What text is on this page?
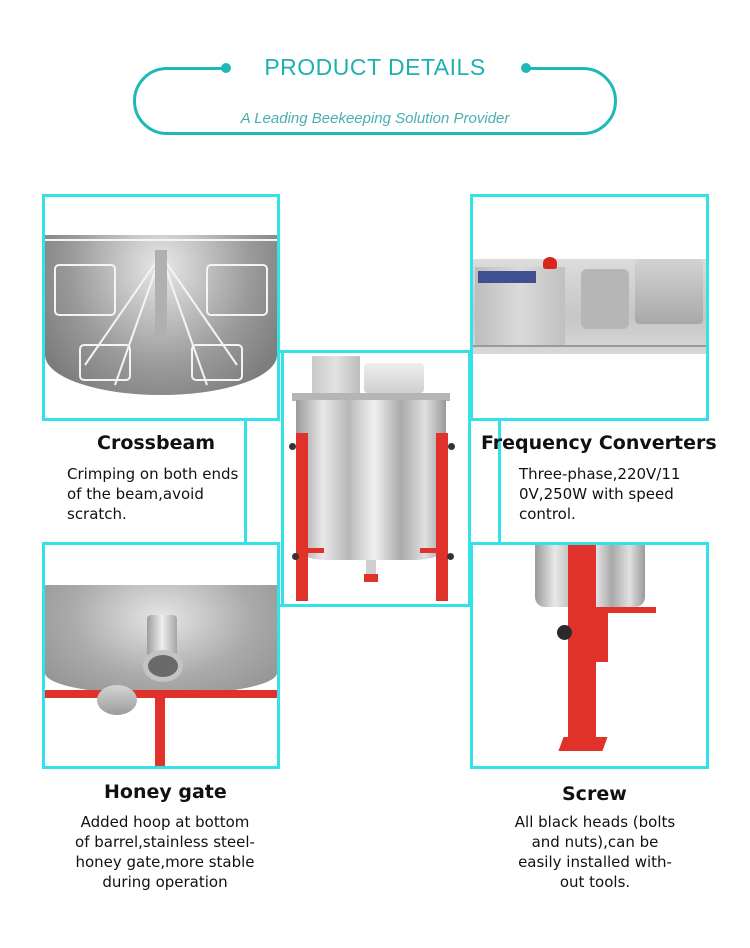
PRODUCT DETAILS
A Leading Beekeeping Solution Provider
Crossbeam
Crimping on both ends
of the beam,avoid
scratch.
Frequency Converters
Three-phase,220V/11
0V,250W with speed
control.
Honey gate
Added hoop at bottom
of barrel,stainless steel-
honey gate,more stable
during operation
Screw
All black heads (bolts
and nuts),can be
easily installed with-
out tools.
